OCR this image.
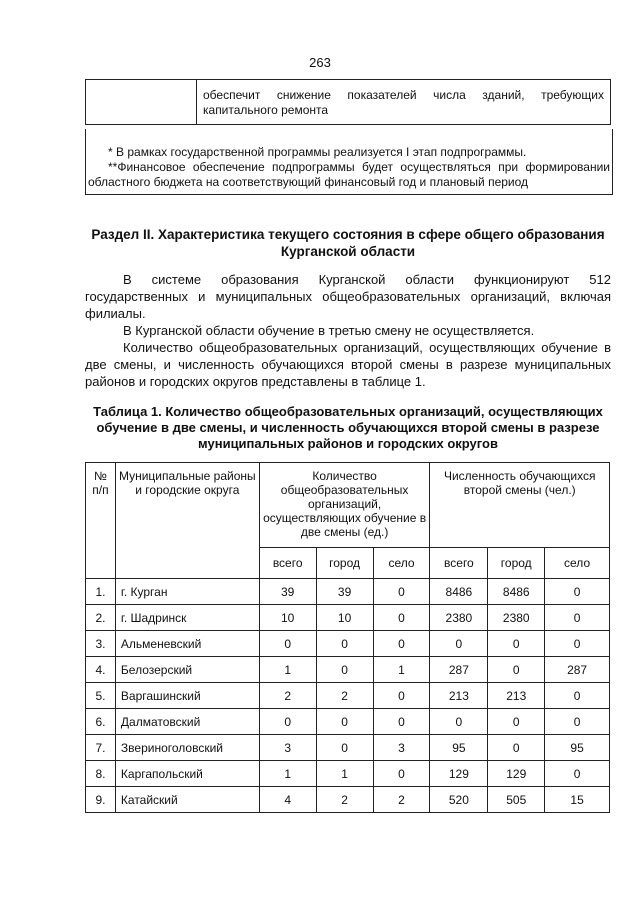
263
	обеспечит снижение показателей числа зданий, требующих капитального ремонта

* В рамках государственной программы реализуется I этап подпрограммы.

**Финансовое обеспечение подпрограммы будет осуществляться при формировании областного бюджета на соответствующий финансовый год и плановый период

Раздел II. Характеристика текущего состояния в сфере общего образования Курганской области

В системе образования Курганской области функционируют 512 государственных и муниципальных общеобразовательных организаций, включая филиалы.

В Курганской области обучение в третью смену не осуществляется.

Количество общеобразовательных организаций, осуществляющих обучение в две смены, и численность обучающихся второй смены в разрезе муниципальных районов и городских округов представлены в таблице 1.

Таблица 1. Количество общеобразовательных организаций, осуществляющих обучение в две смены, и численность обучающихся второй смены в разрезе муниципальных районов и городских округов
№ п/п	Муниципальные районы и городские округа	Количество общеобразовательных организаций, осуществляющих обучение в две смены (ед.)			Численность обучающихся второй смены (чел.)		
		всего	город	село	всего	город	село
1.	г. Курган	39	39	0	8486	8486	0
2.	г. Шадринск	10	10	0	2380	2380	0
3.	Альменевский	0	0	0	0	0	0
4.	Белозерский	1	0	1	287	0	287
5.	Варгашинский	2	2	0	213	213	0
6.	Далматовский	0	0	0	0	0	0
7.	Звериноголовский	3	0	3	95	0	95
8.	Каргапольский	1	1	0	129	129	0
9.	Катайский	4	2	2	520	505	15
